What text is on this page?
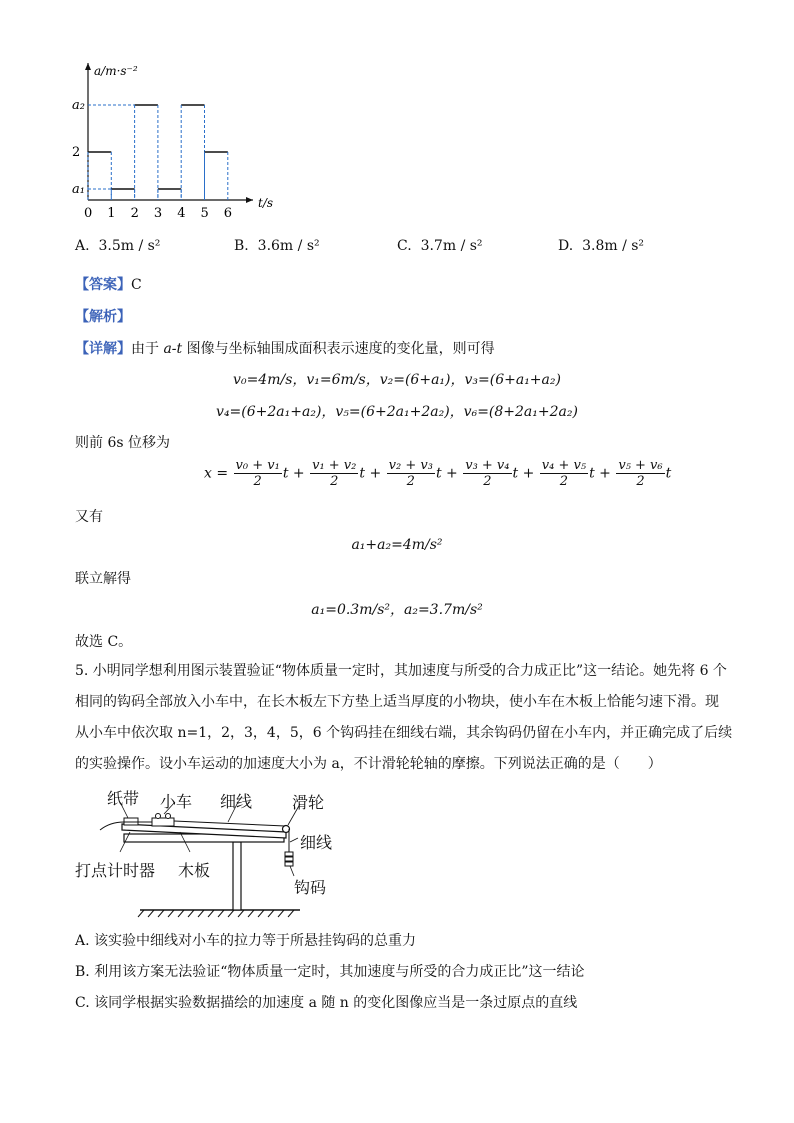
a/m·s⁻²
t/s
0 1 2 3 4 5 6
a₁
2
a₂
A. 3.5m / s²	B. 3.6m / s²	C. 3.7m / s²	D. 3.8m / s²
【答案】C
【解析】
【详解】由于 a-t 图像与坐标轴围成面积表示速度的变化量，则可得
v₀=4m/s，v₁=6m/s，v₂=(6+a₁)，v₃=(6+a₁+a₂)
v₄=(6+2a₁+a₂)，v₅=(6+2a₁+2a₂)，v₆=(8+2a₁+2a₂)
则前 6s 位移为
$x = \frac{\text{v₀ + v₁}}{2}$ $t + \frac{\text{v₁ + v₂}}{2}$ $t + \frac{\text{v₂ + v₃}}{2}$ $t + \frac{\text{v₃ + v₄}}{2}$ $t + \frac{\text{v₄ + v₅}}{2}$ $t + \frac{\text{v₅ + v₆}}{2}$ t
又有
a₁+a₂=4m/s²
联立解得
a₁=0.3m/s²，a₂=3.7m/s²
故选 C。
5. 小明同学想利用图示装置验证“物体质量一定时，其加速度与所受的合力成正比”这一结论。她先将 6 个
相同的钩码全部放入小车中，在长木板左下方垫上适当厚度的小物块，使小车在木板上恰能匀速下滑。现
从小车中依次取 n=1，2，3，4，5，6 个钩码挂在细线右端，其余钩码仍留在小车内，并正确完成了后续
的实验操作。设小车运动的加速度大小为 a，不计滑轮轮轴的摩擦。下列说法正确的是（　　）
纸带 小车 细线 滑轮
细线
打点计时器 木板
钩码
A. 该实验中细线对小车的拉力等于所悬挂钩码的总重力
B. 利用该方案无法验证“物体质量一定时，其加速度与所受的合力成正比”这一结论
C. 该同学根据实验数据描绘的加速度 a 随 n 的变化图像应当是一条过原点的直线
